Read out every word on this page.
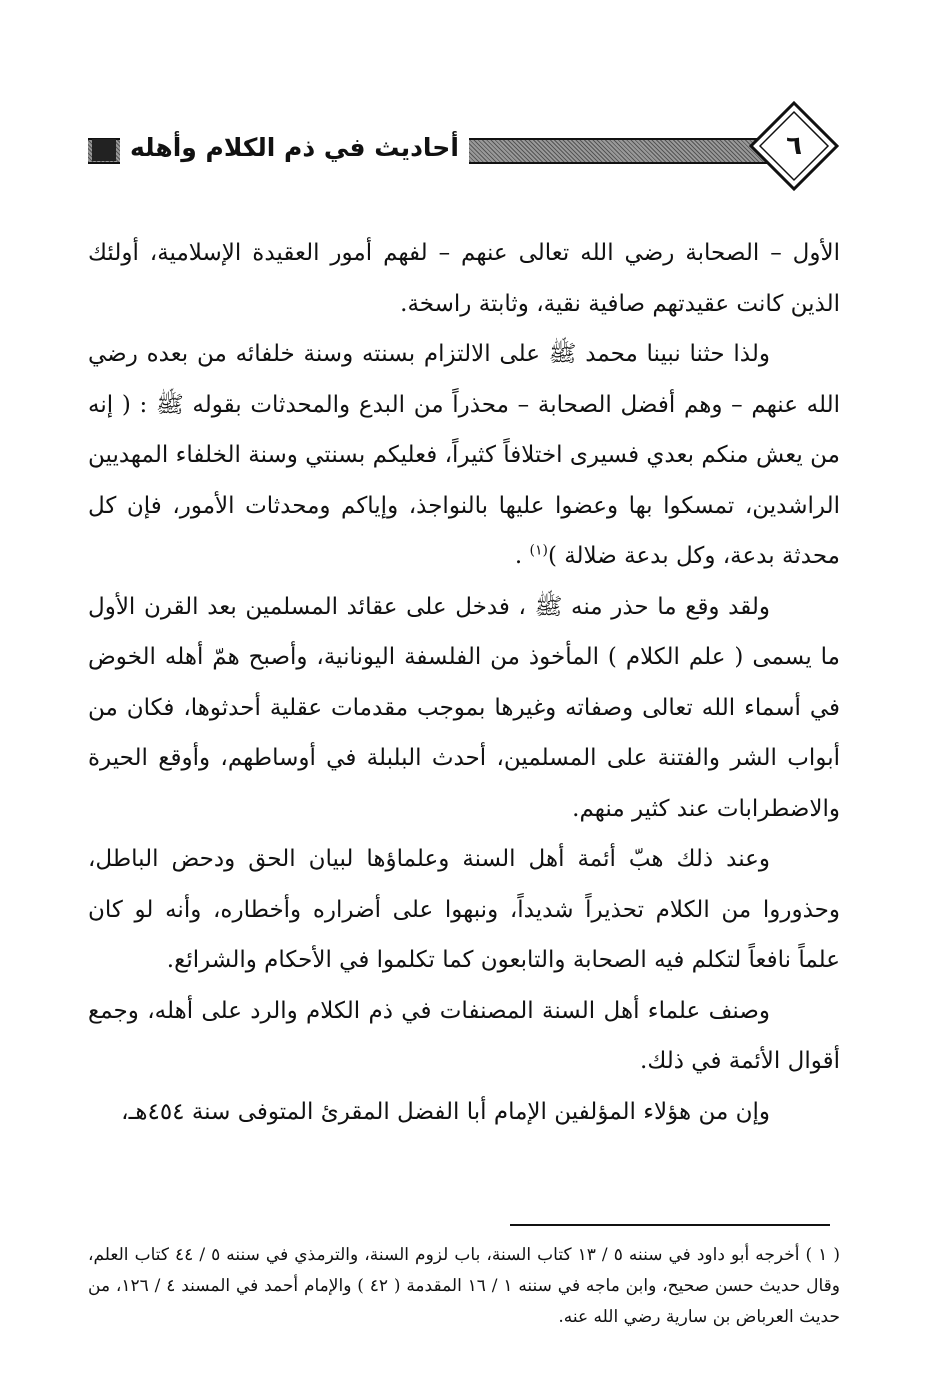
أحاديث في ذم الكلام وأهله	٦

الأول – الصحابة رضي الله تعالى عنهم – لفهم أمور العقيدة الإسلامية، أولئك الذين كانت عقيدتهم صافية نقية، وثابتة راسخة.

ولذا حثنا نبينا محمد ﷺ على الالتزام بسنته وسنة خلفائه من بعده رضي الله عنهم – وهم أفضل الصحابة – محذراً من البدع والمحدثات بقوله ﷺ : ( إنه من يعش منكم بعدي فسيرى اختلافاً كثيراً، فعليكم بسنتي وسنة الخلفاء المهديين الراشدين، تمسكوا بها وعضوا عليها بالنواجذ، وإياكم ومحدثات الأمور، فإن كل محدثة بدعة، وكل بدعة ضلالة )$^{(١)}$ .

ولقد وقع ما حذر منه ﷺ ، فدخل على عقائد المسلمين بعد القرن الأول ما يسمى ( علم الكلام ) المأخوذ من الفلسفة اليونانية، وأصبح همّ أهله الخوض في أسماء الله تعالى وصفاته وغيرها بموجب مقدمات عقلية أحدثوها، فكان من أبواب الشر والفتنة على المسلمين، أحدث البلبلة في أوساطهم، وأوقع الحيرة والاضطرابات عند كثير منهم.

وعند ذلك هبّ أئمة أهل السنة وعلماؤها لبيان الحق ودحض الباطل، وحذوروا من الكلام تحذيراً شديداً، ونبهوا على أضراره وأخطاره، وأنه لو كان علماً نافعاً لتكلم فيه الصحابة والتابعون كما تكلموا في الأحكام والشرائع.

وصنف علماء أهل السنة المصنفات في ذم الكلام والرد على أهله، وجمع أقوال الأئمة في ذلك.

وإن من هؤلاء المؤلفين الإمام أبا الفضل المقرئ المتوفى سنة ٤٥٤هـ،

( ١ ) أخرجه أبو داود في سننه ٥ / ١٣ كتاب السنة، باب لزوم السنة، والترمذي في سننه ٥ / ٤٤ كتاب العلم، وقال حديث حسن صحيح، وابن ماجه في سننه ١ / ١٦ المقدمة ( ٤٢ ) والإمام أحمد في المسند ٤ / ١٢٦، من حديث العرباض بن سارية رضي الله عنه.
